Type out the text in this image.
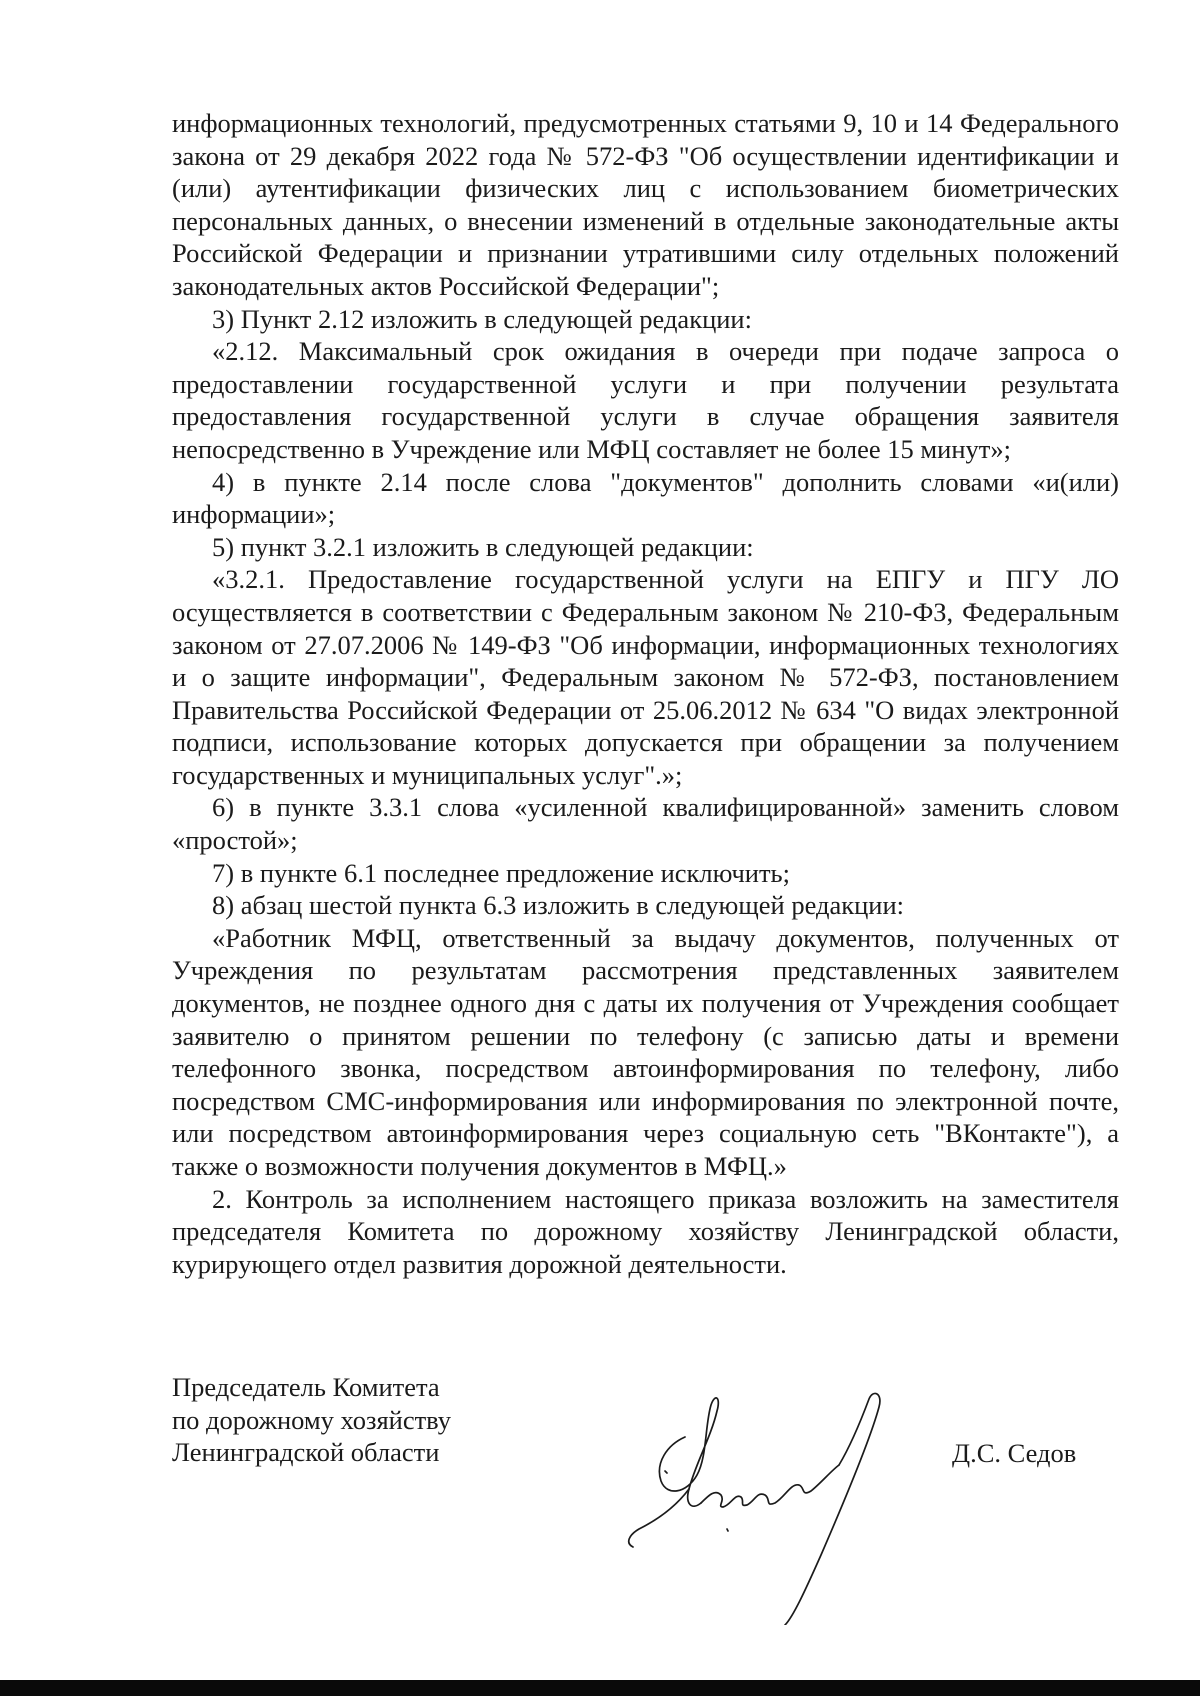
информационных технологий, предусмотренных статьями 9, 10 и 14 Федерального закона от 29 декабря 2022 года № 572-ФЗ "Об осуществлении идентификации и (или) аутентификации физических лиц с использованием биометрических персональных данных, о внесении изменений в отдельные законодательные акты Российской Федерации и признании утратившими силу отдельных положений законодательных актов Российской Федерации";

3) Пункт 2.12 изложить в следующей редакции:

«2.12. Максимальный срок ожидания в очереди при подаче запроса о предоставлении государственной услуги и при получении результата предоставления государственной услуги в случае обращения заявителя непосредственно в Учреждение или МФЦ составляет не более 15 минут»;

4) в пункте 2.14 после слова "документов" дополнить словами «и(или) информации»;

5) пункт 3.2.1 изложить в следующей редакции:

«3.2.1. Предоставление государственной услуги на ЕПГУ и ПГУ ЛО осуществляется в соответствии с Федеральным законом № 210-ФЗ, Федеральным законом от 27.07.2006 № 149-ФЗ "Об информации, информационных технологиях и о защите информации", Федеральным законом № 572-ФЗ, постановлением Правительства Российской Федерации от 25.06.2012 № 634 "О видах электронной подписи, использование которых допускается при обращении за получением государственных и муниципальных услуг".»;

6) в пункте 3.3.1 слова «усиленной квалифицированной» заменить словом «простой»;

7) в пункте 6.1 последнее предложение исключить;

8) абзац шестой пункта 6.3 изложить в следующей редакции:

«Работник МФЦ, ответственный за выдачу документов, полученных от Учреждения по результатам рассмотрения представленных заявителем документов, не позднее одного дня с даты их получения от Учреждения сообщает заявителю о принятом решении по телефону (с записью даты и времени телефонного звонка, посредством автоинформирования по телефону, либо посредством СМС-информирования или информирования по электронной почте, или посредством автоинформирования через социальную сеть "ВКонтакте"), а также о возможности получения документов в МФЦ.»

2. Контроль за исполнением настоящего приказа возложить на заместителя председателя Комитета по дорожному хозяйству Ленинградской области, курирующего отдел развития дорожной деятельности.

Председатель Комитета
по дорожному хозяйству
Ленинградской области	Д.С. Седов
